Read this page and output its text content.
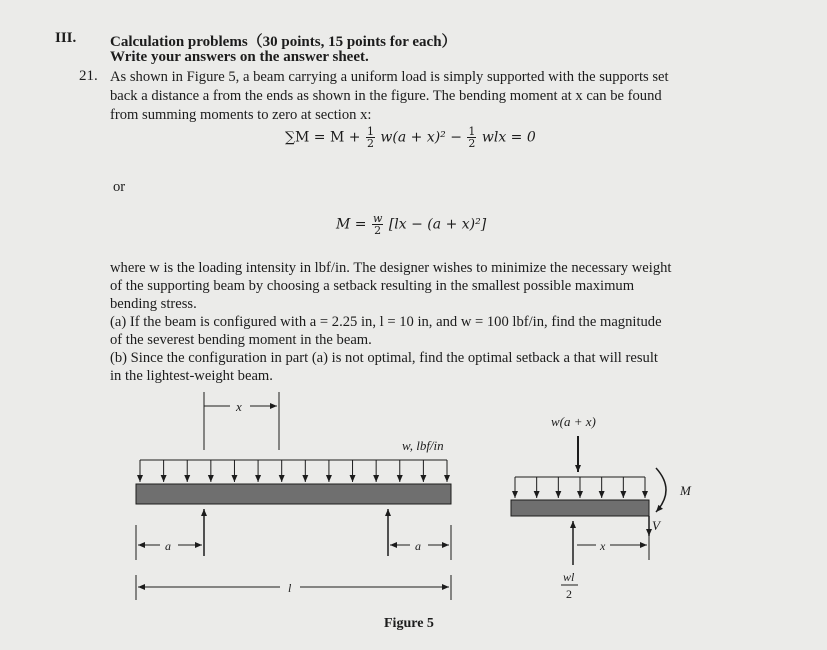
III. Calculation problems（30 points, 15 points for each）
Write your answers on the answer sheet.
21. As shown in Figure 5, a beam carrying a uniform load is simply supported with the supports set
back a distance a from the ends as shown in the figure. The bending moment at x can be found
from summing moments to zero at section x:
$\sum M = M + \frac{1}{2} w(a + x)^2 - \frac{1}{2}$ wlx = 0
or
$M = \frac{w}{2} [lx - (a + x)^2]$
where w is the loading intensity in lbf/in. The designer wishes to minimize the necessary weight
of the supporting beam by choosing a setback resulting in the smallest possible maximum
bending stress.
(a) If the beam is configured with a = 2.25 in, l = 10 in, and w = 100 lbf/in, find the magnitude
of the severest bending moment in the beam.
(b) Since the configuration in part (a) is not optimal, find the optimal setback a that will result
in the lightest-weight beam.
x
w, lbf/in
a	a
l
w(a + x)
M
V
x
wl
2
Figure 5
